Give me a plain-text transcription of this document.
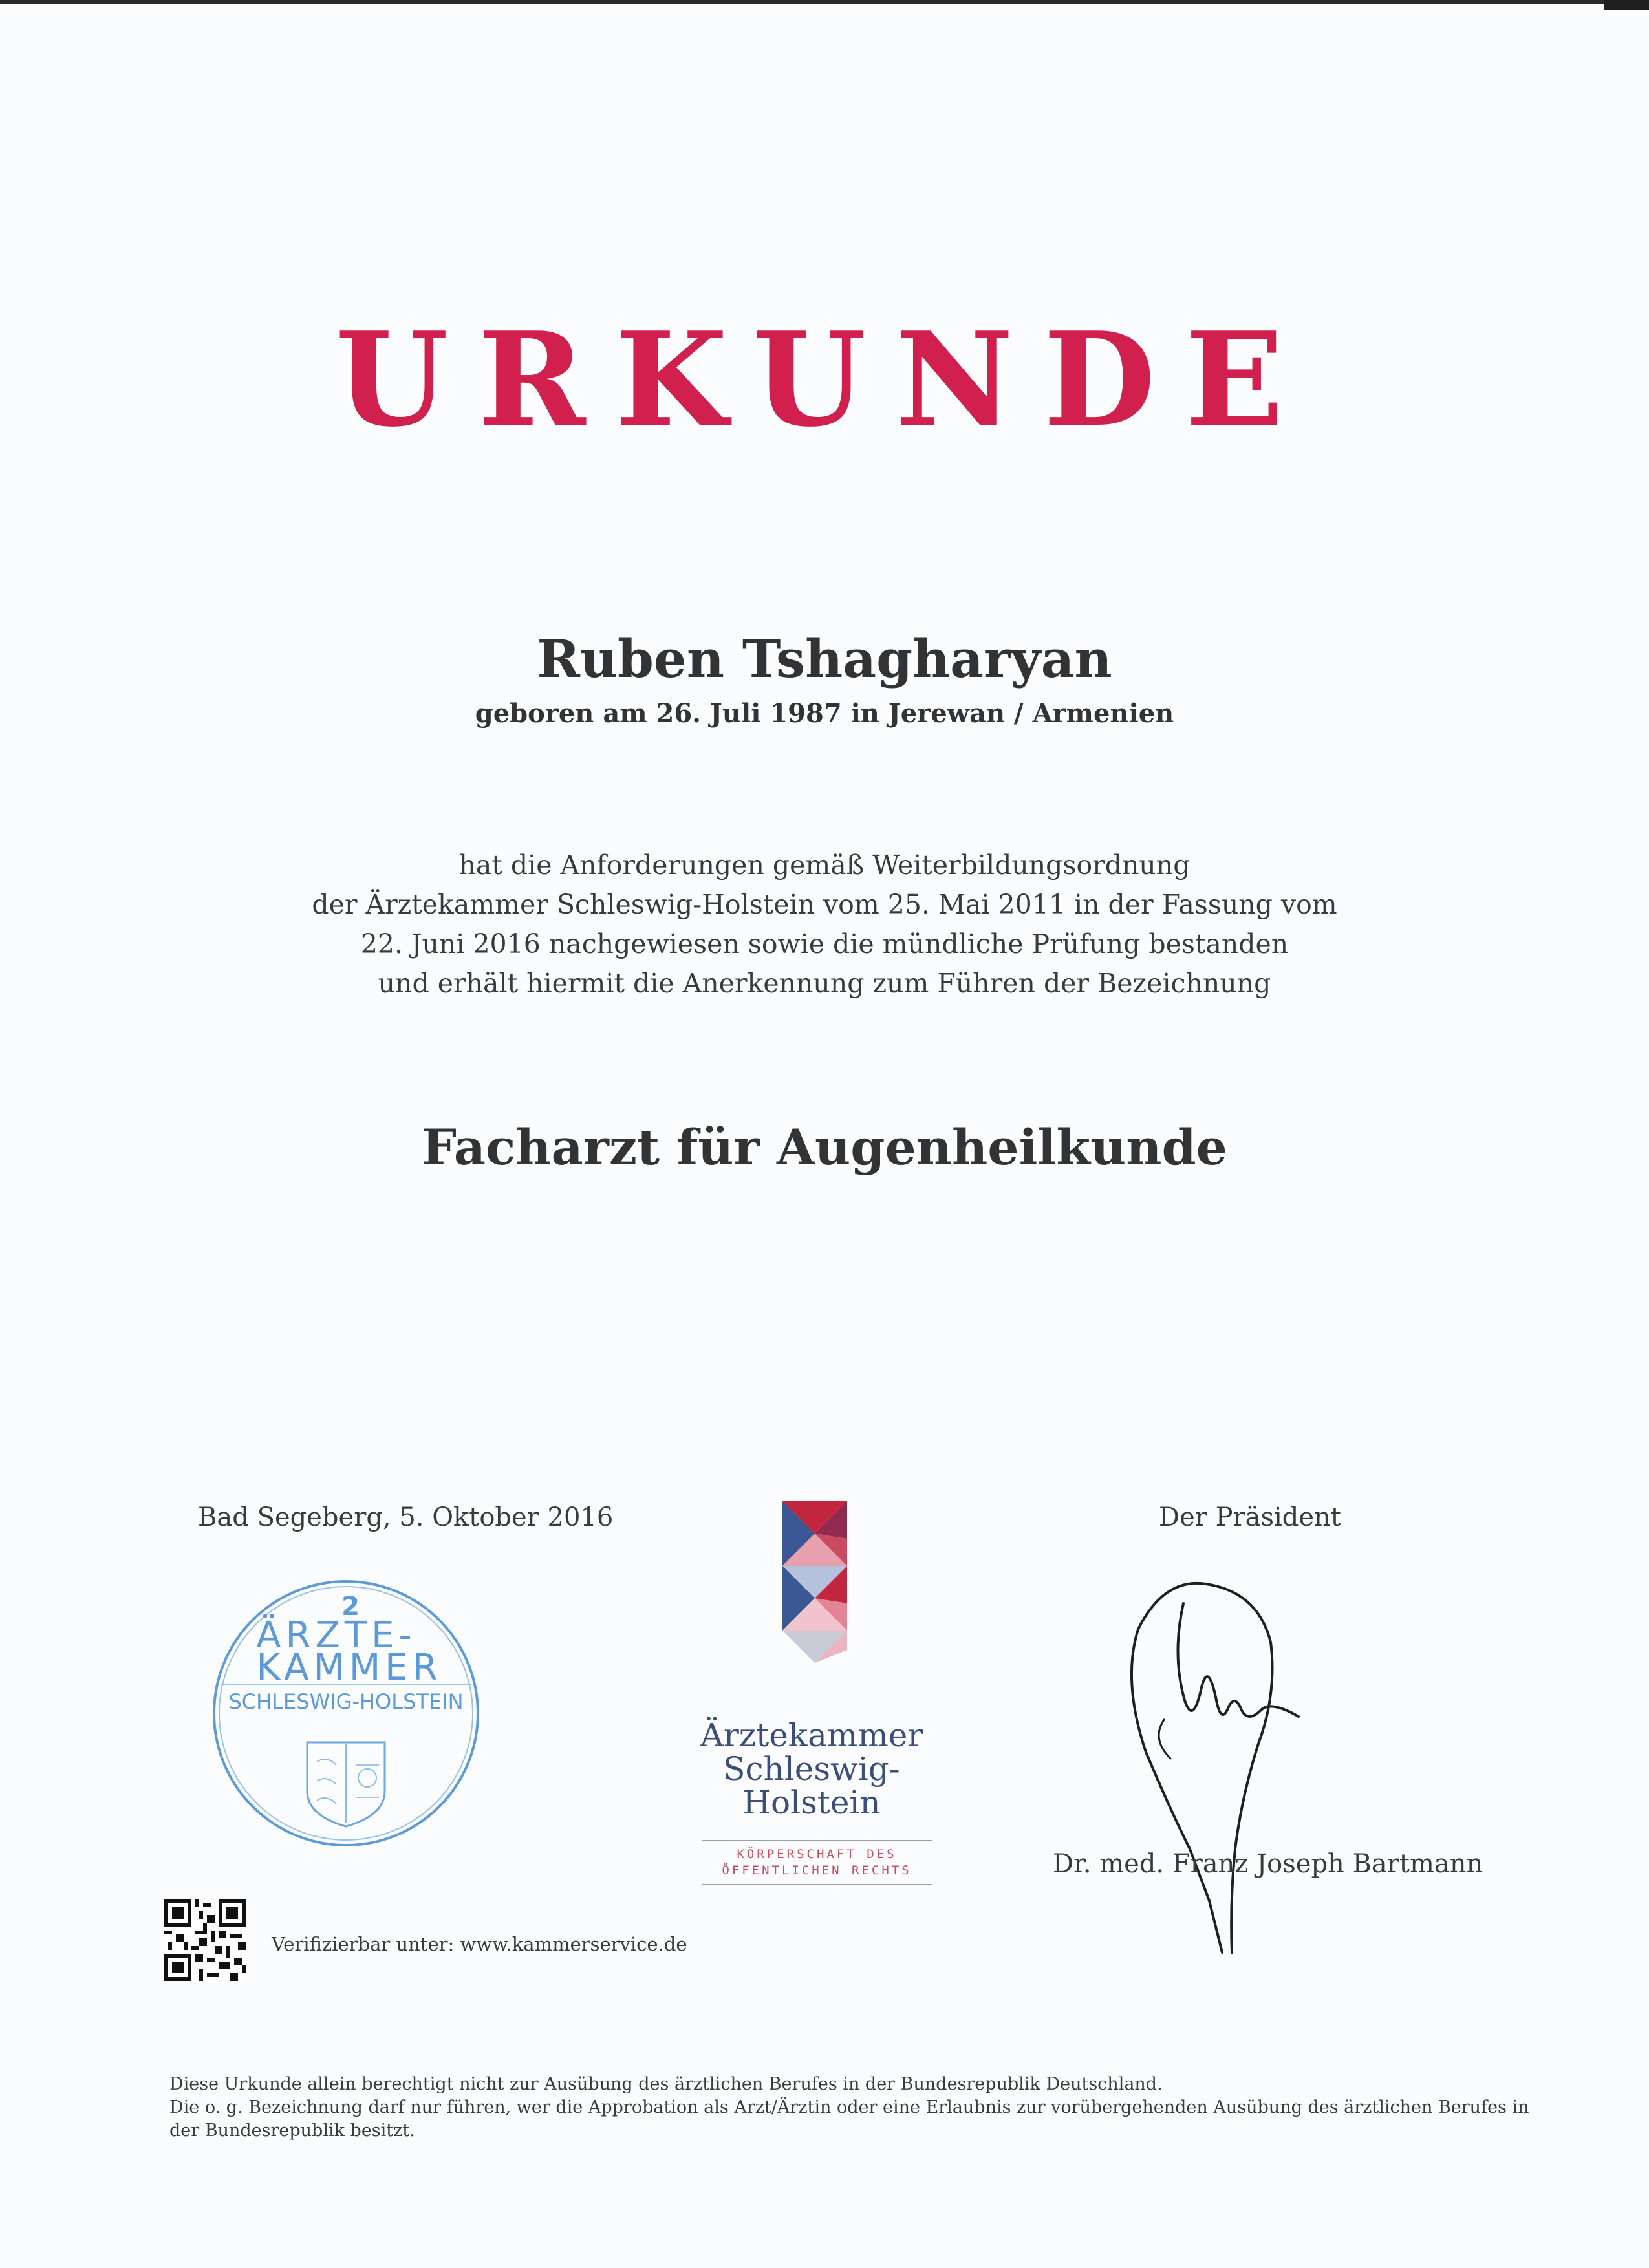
URKUNDE
Ruben Tshagharyan
geboren am 26. Juli 1987 in Jerewan / Armenien
hat die Anforderungen gemäß Weiterbildungsordnung
der Ärztekammer Schleswig-Holstein vom 25. Mai 2011 in der Fassung vom
22. Juni 2016 nachgewiesen sowie die mündliche Prüfung bestanden
und erhält hiermit die Anerkennung zum Führen der Bezeichnung
Facharzt für Augenheilkunde
Bad Segeberg, 5. Oktober 2016	Der Präsident
2
ÄRZTE-
KAMMER
SCHLESWIG-HOLSTEIN
Ärztekammer
Schleswig-
Holstein
KÖRPERSCHAFT DES
ÖFFENTLICHEN RECHTS	Dr. med. Franz Joseph Bartmann
Verifizierbar unter: www.kammerservice.de
Diese Urkunde allein berechtigt nicht zur Ausübung des ärztlichen Berufes in der Bundesrepublik Deutschland.
Die o. g. Bezeichnung darf nur führen, wer die Approbation als Arzt/Ärztin oder eine Erlaubnis zur vorübergehenden Ausübung des ärztlichen Berufes in
der Bundesrepublik besitzt.
